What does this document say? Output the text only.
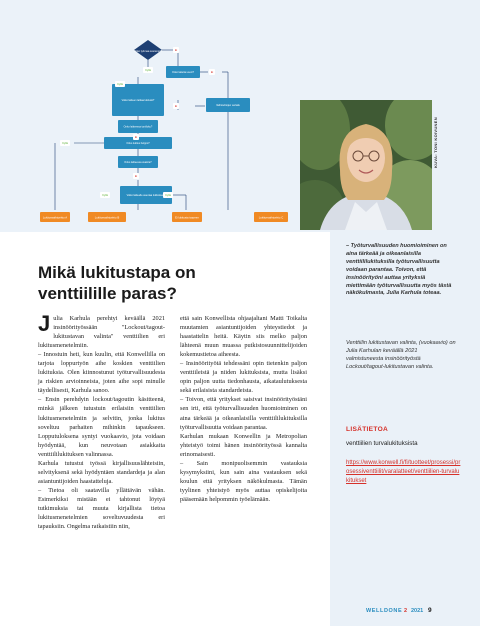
Onko työmaa suurempi?
Onko laitetta usein?
Voiko laitteen laittaa lukitusti?
Onko laitteessa tuntiluku?
Onko lukitus helppo?
Onko laitteessa avainta?
Voiko laitteelle asentaa lukituksen?
Vaihtoehtojen vertailu
Kyllä
Kyllä
Kyllä
Kyllä	Kyllä
Ei
Ei
Ei
Ei
Ei
Lukitusvaihtoehto A	Lukitusvaihtoehto B	Ei lukitusta tarpeen	Lukitusvaihtoehto C
KUVA: TONI KOIVUNEN
Mikä lukitustapa on venttiilille paras?
J ulia Karhula perehtyi keväällä 2021 insinöörityössään "Lockout/tagout-lukitustavan valinta" venttiilien eri lukitusmenetelmiin.

– Innostuin heti, kun kuulin, että Konwellilla on tarjota loppurtyön aihe koskien venttiilien lukituksia. Olen kiinnostunut työturvallisuudesta ja riskien arvioinneista, joten aihe sopi minulle täydellisesti, Karhula sanoo.

– Ensin perehdyin lockout/tagoutin käsitteenä, minkä jälkeen tutustuin erilaisiin venttiilien lukitusmenetelmiin ja selvitin, jonka lukitus soveltuu parhaiten mihinkin tapaukseen. Lopputuloksena syntyi vuokaavio, jota voidaan hyödyntää, kun neuvotaan asiakkaita venttiililukituksen valinnassa.

Karhula tutustui työssä kirjallisuuslähteisiin, selvityksenä sekä hyödyntäen standardeja ja alan asiantuntijoiden haastatteluja.

– Tietoa oli saatavilla yllättävän vähän. Esimerkiksi mistään ei tahtonut löytyä tutkimuksia tai muuta kirjallista tietoa lukitusmenetelmien soveltuvuudesta eri tapauksiin. Ongelma ratkaistiin niin,

että sain Konwellista ohjaajaltani Matti Toikalta muutamien asiantuntijoiden yhteystiedot ja haastattelin heitä. Käytin siis melko paljon lähteenä muun muassa putkistosuunnittelijoiden kokemustietoa aiheesta.

– Insinöörityötä tehdessäni opin tietenkin paljon venttiileistä ja niiden lukituksista, mutta lisäksi opin paljon uutta tiedonhausta, aikataulutuksesta sekä erilaisista standardeista.

– Toivon, että yritykset saisivat insinöörityöstäni sen irti, että työturvallisuuden huomioiminen on aina tärkeää ja oikeanlaisilla venttiililukituksilla työturvallisuutta voidaan parantaa.

Karhulan mukaan Konwellin ja Metropolian yhteistyö toimi hänen insinöörityössä kannalta erinomaisesti.

– Sain monipuolisemmin vastauksia kysymyksiini, kun sain aina vastauksen sekä koulun että yrityksen näkökulmasta. Tämän tyylinen yhteistyö myös auttaa opiskelijoita pääsemään helpommin työelämään.

– Työturvallisuuden huomioiminen on aina tärkeää ja oikeanlaisilla venttiililukituksilla työturvallisuutta voidaan parantaa. Toivon, että insinöörityöni auttaa yrityksiä miettimään työturvallisuutta myös tästä näkökulmasta, Julia Karhula toteaa.

Venttiilin lukitustavan valinta, (vuokaavio) on Julia Karhulan keväällä 2021 valmistuneesta insinöörityöstä Lockout/tagout-lukitustavan valinta.

LISÄTIETOA
venttiilien turvalukituksista
https://www.konwell.fi/fi/tuotteet/prosessi/prosessiventtiilit/varalatteet/venttiilien-turvalukitukset
WELLDONE 2 2021 9
